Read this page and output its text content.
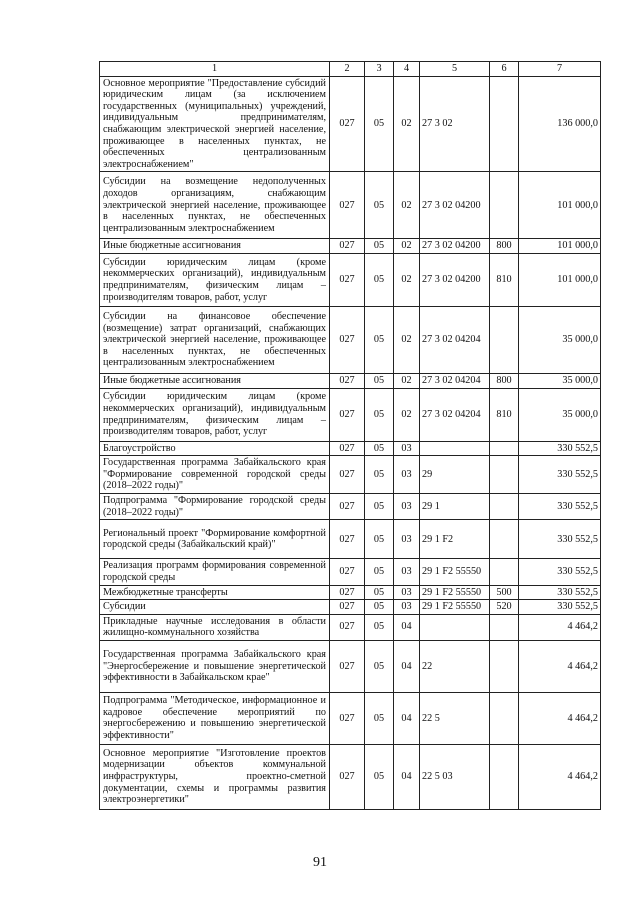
1	2	3	4	5	6	7
Основное мероприятие "Предоставление субсидий юридическим лицам (за исключением государственных (муниципальных) учреждений, индивидуальным предпринимателям, снабжающим электрической энергией население, проживающее в населенных пунктах, не обеспеченных централизованным электроснабжением"	027	05	02	27 3 02		136 000,0
Субсидии на возмещение недополученных доходов организациям, снабжающим электрической энергией население, проживающее в населенных пунктах, не обеспеченных централизованным электроснабжением	027	05	02	27 3 02 04200		101 000,0
Иные бюджетные ассигнования	027	05	02	27 3 02 04200	800	101 000,0
Субсидии юридическим лицам (кроме некоммерческих организаций), индивидуальным предпринимателям, физическим лицам – производителям товаров, работ, услуг	027	05	02	27 3 02 04200	810	101 000,0
Субсидии на финансовое обеспечение (возмещение) затрат организаций, снабжающих электрической энергией население, проживающее в населенных пунктах, не обеспеченных централизованным электроснабжением	027	05	02	27 3 02 04204		35 000,0
Иные бюджетные ассигнования	027	05	02	27 3 02 04204	800	35 000,0
Субсидии юридическим лицам (кроме некоммерческих организаций), индивидуальным предпринимателям, физическим лицам – производителям товаров, работ, услуг	027	05	02	27 3 02 04204	810	35 000,0
Благоустройство	027	05	03			330 552,5
Государственная программа Забайкальского края "Формирование современной городской среды (2018–2022 годы)"	027	05	03	29		330 552,5
Подпрограмма "Формирование городской среды (2018–2022 годы)"	027	05	03	29 1		330 552,5
Региональный проект "Формирование комфортной городской среды (Забайкальский край)"	027	05	03	29 1 F2		330 552,5
Реализация программ формирования современной городской среды	027	05	03	29 1 F2 55550		330 552,5
Межбюджетные трансферты	027	05	03	29 1 F2 55550	500	330 552,5
Субсидии	027	05	03	29 1 F2 55550	520	330 552,5
Прикладные научные исследования в области жилищно-коммунального хозяйства	027	05	04			4 464,2
Государственная программа Забайкальского края "Энергосбережение и повышение энергетической эффективности в Забайкальском крае"	027	05	04	22		4 464,2
Подпрограмма "Методическое, информационное и кадровое обеспечение мероприятий по энергосбережению и повышению энергетической эффективности"	027	05	04	22 5		4 464,2
Основное мероприятие "Изготовление проектов модернизации объектов коммунальной инфраструктуры, проектно-сметной документации, схемы и программы развития электроэнергетики"	027	05	04	22 5 03		4 464,2
91
